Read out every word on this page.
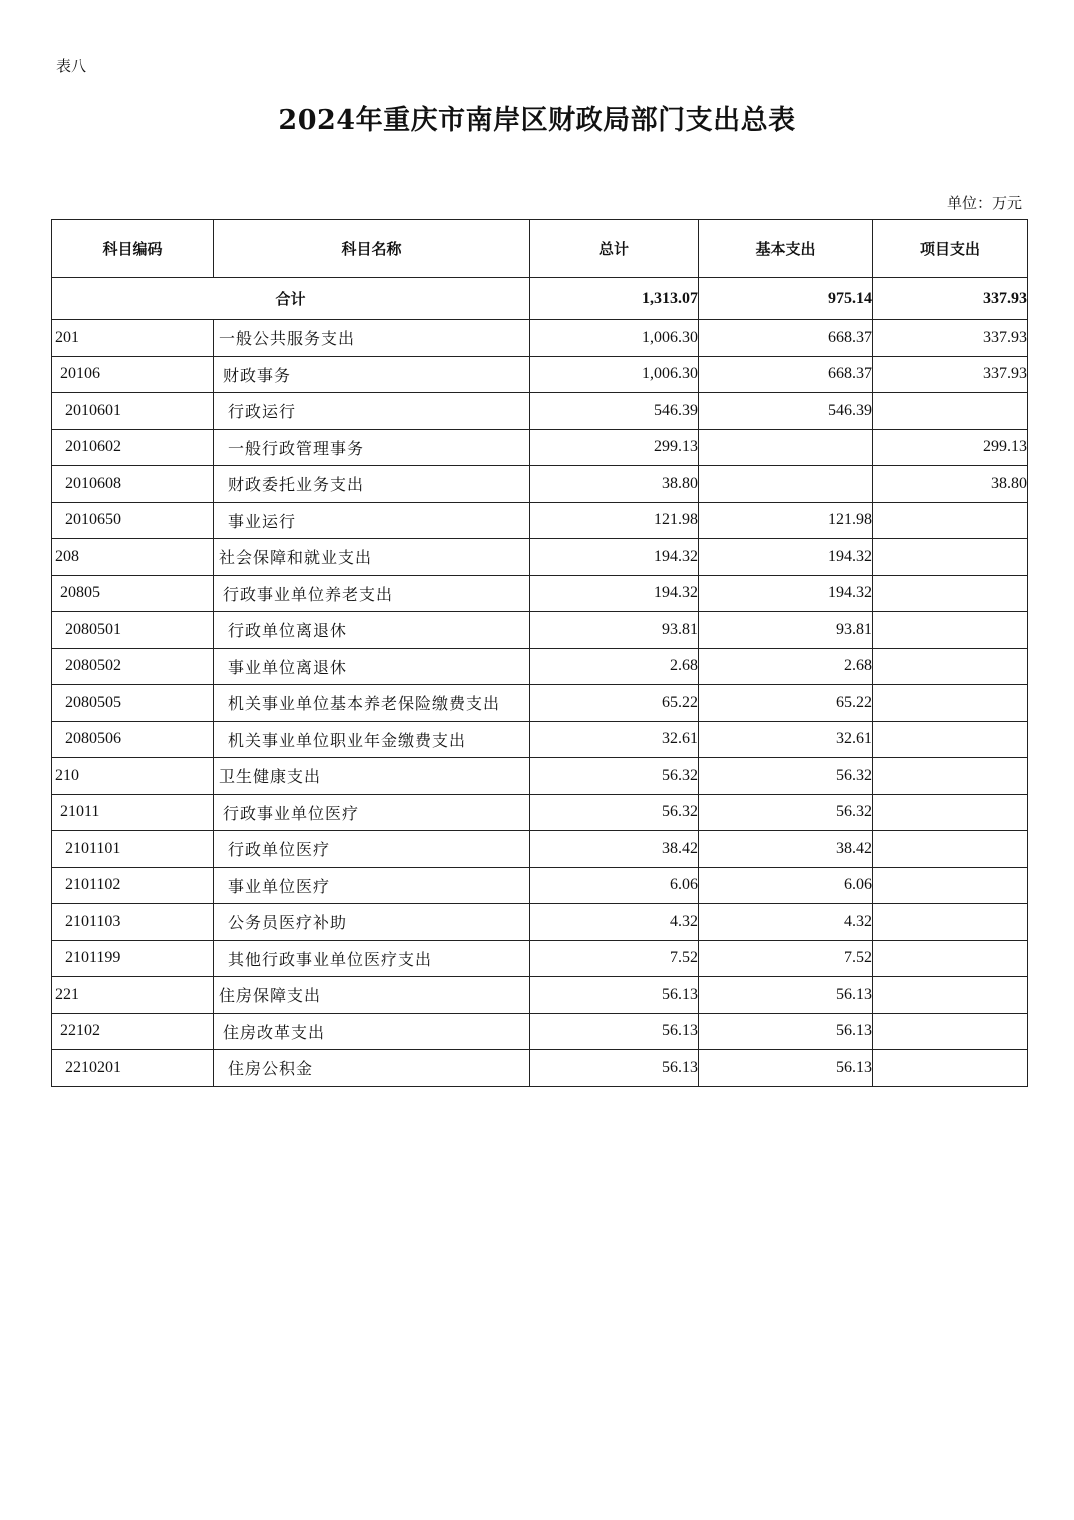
表八
2024年重庆市南岸区财政局部门支出总表
单位：万元
科目编码	科目名称	总计	基本支出	项目支出
合计		1,313.07	975.14	337.93
201	一般公共服务支出	1,006.30	668.37	337.93
20106	财政事务	1,006.30	668.37	337.93
2010601	行政运行	546.39	546.39	
2010602	一般行政管理事务	299.13		299.13
2010608	财政委托业务支出	38.80		38.80
2010650	事业运行	121.98	121.98	
208	社会保障和就业支出	194.32	194.32	
20805	行政事业单位养老支出	194.32	194.32	
2080501	行政单位离退休	93.81	93.81	
2080502	事业单位离退休	2.68	2.68	
2080505	机关事业单位基本养老保险缴费支出	65.22	65.22	
2080506	机关事业单位职业年金缴费支出	32.61	32.61	
210	卫生健康支出	56.32	56.32	
21011	行政事业单位医疗	56.32	56.32	
2101101	行政单位医疗	38.42	38.42	
2101102	事业单位医疗	6.06	6.06	
2101103	公务员医疗补助	4.32	4.32	
2101199	其他行政事业单位医疗支出	7.52	7.52	
221	住房保障支出	56.13	56.13	
22102	住房改革支出	56.13	56.13	
2210201	住房公积金	56.13	56.13	
